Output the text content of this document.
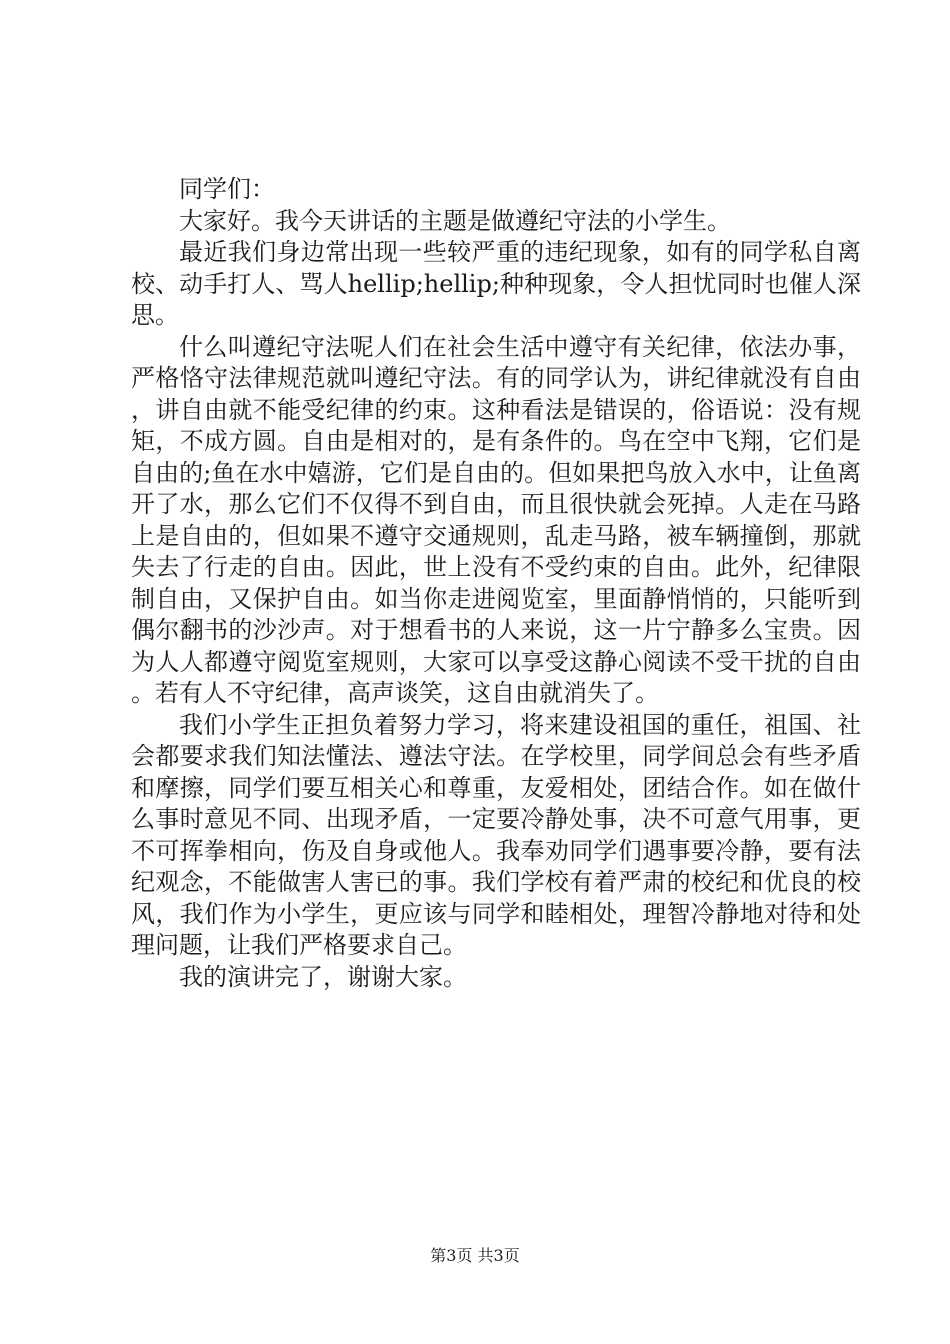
同学们：

大家好。我今天讲话的主题是做遵纪守法的小学生。

最近我们身边常出现一些较严重的违纪现象，如有的同学私自离校、动手打人、骂人hellip;hellip;种种现象，令人担忧同时也催人深思。

什么叫遵纪守法呢人们在社会生活中遵守有关纪律，依法办事，严格恪守法律规范就叫遵纪守法。有的同学认为，讲纪律就没有自由，讲自由就不能受纪律的约束。这种看法是错误的，俗语说：没有规矩，不成方圆。自由是相对的，是有条件的。鸟在空中飞翔，它们是自由的;鱼在水中嬉游，它们是自由的。但如果把鸟放入水中，让鱼离开了水，那么它们不仅得不到自由，而且很快就会死掉。人走在马路上是自由的，但如果不遵守交通规则，乱走马路，被车辆撞倒，那就失去了行走的自由。因此，世上没有不受约束的自由。此外，纪律限制自由，又保护自由。如当你走进阅览室，里面静悄悄的，只能听到偶尔翻书的沙沙声。对于想看书的人来说，这一片宁静多么宝贵。因为人人都遵守阅览室规则，大家可以享受这静心阅读不受干扰的自由。若有人不守纪律，高声谈笑，这自由就消失了。

我们小学生正担负着努力学习，将来建设祖国的重任，祖国、社会都要求我们知法懂法、遵法守法。在学校里，同学间总会有些矛盾和摩擦，同学们要互相关心和尊重，友爱相处，团结合作。如在做什么事时意见不同、出现矛盾，一定要冷静处事，决不可意气用事，更不可挥拳相向，伤及自身或他人。我奉劝同学们遇事要冷静，要有法纪观念，不能做害人害已的事。我们学校有着严肃的校纪和优良的校风，我们作为小学生，更应该与同学和睦相处，理智冷静地对待和处理问题，让我们严格要求自己。

我的演讲完了，谢谢大家。

第3页 共3页
